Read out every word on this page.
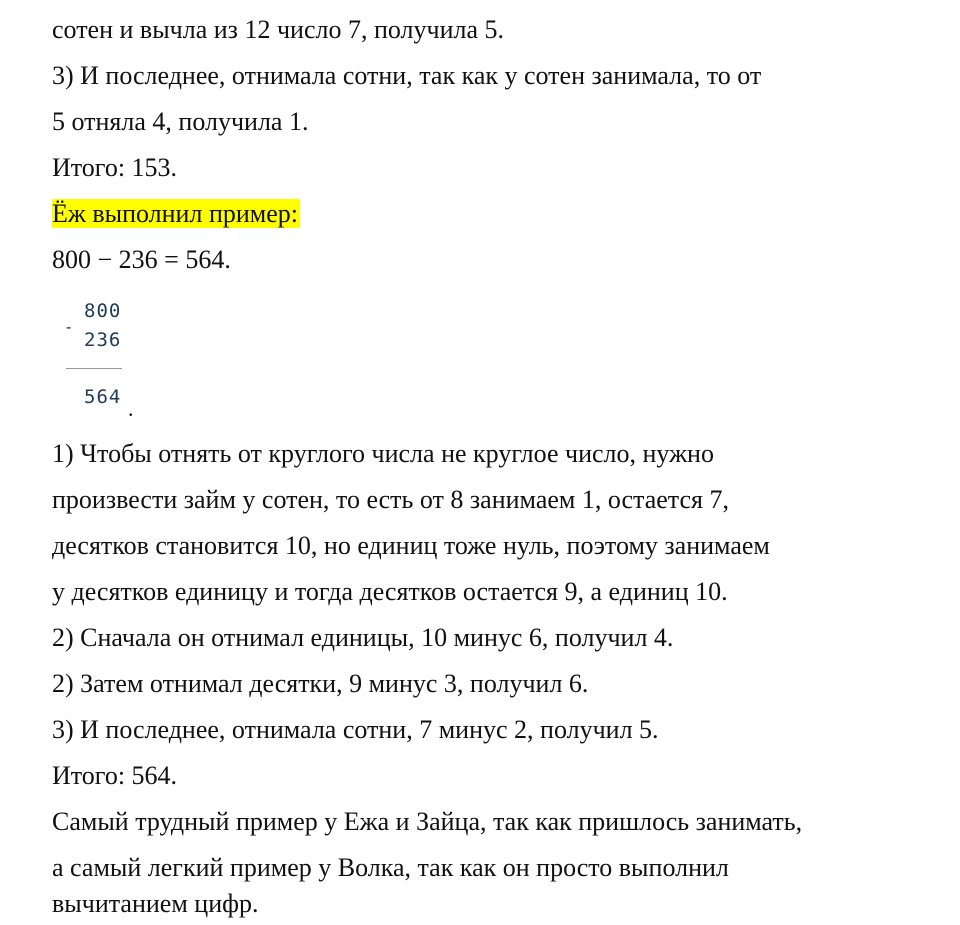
сотен и вычла из 12 число 7, получила 5.
3) И последнее, отнимала сотни, так как у сотен занимала, то от
5 отняла 4, получила 1.
Итого: 153.
Ёж выполнил пример:
800 − 236 = 564.
-
800
236
564 .
1) Чтобы отнять от круглого числа не круглое число, нужно
произвести займ у сотен, то есть от 8 занимаем 1, остается 7,
десятков становится 10, но единиц тоже нуль, поэтому занимаем
у десятков единицу и тогда десятков остается 9, а единиц 10.
2) Сначала он отнимал единицы, 10 минус 6, получил 4.
2) Затем отнимал десятки, 9 минус 3, получил 6.
3) И последнее, отнимала сотни, 7 минус 2, получил 5.
Итого: 564.
Самый трудный пример у Ежа и Зайца, так как пришлось занимать,
а самый легкий пример у Волка, так как он просто выполнил
вычитанием цифр.
